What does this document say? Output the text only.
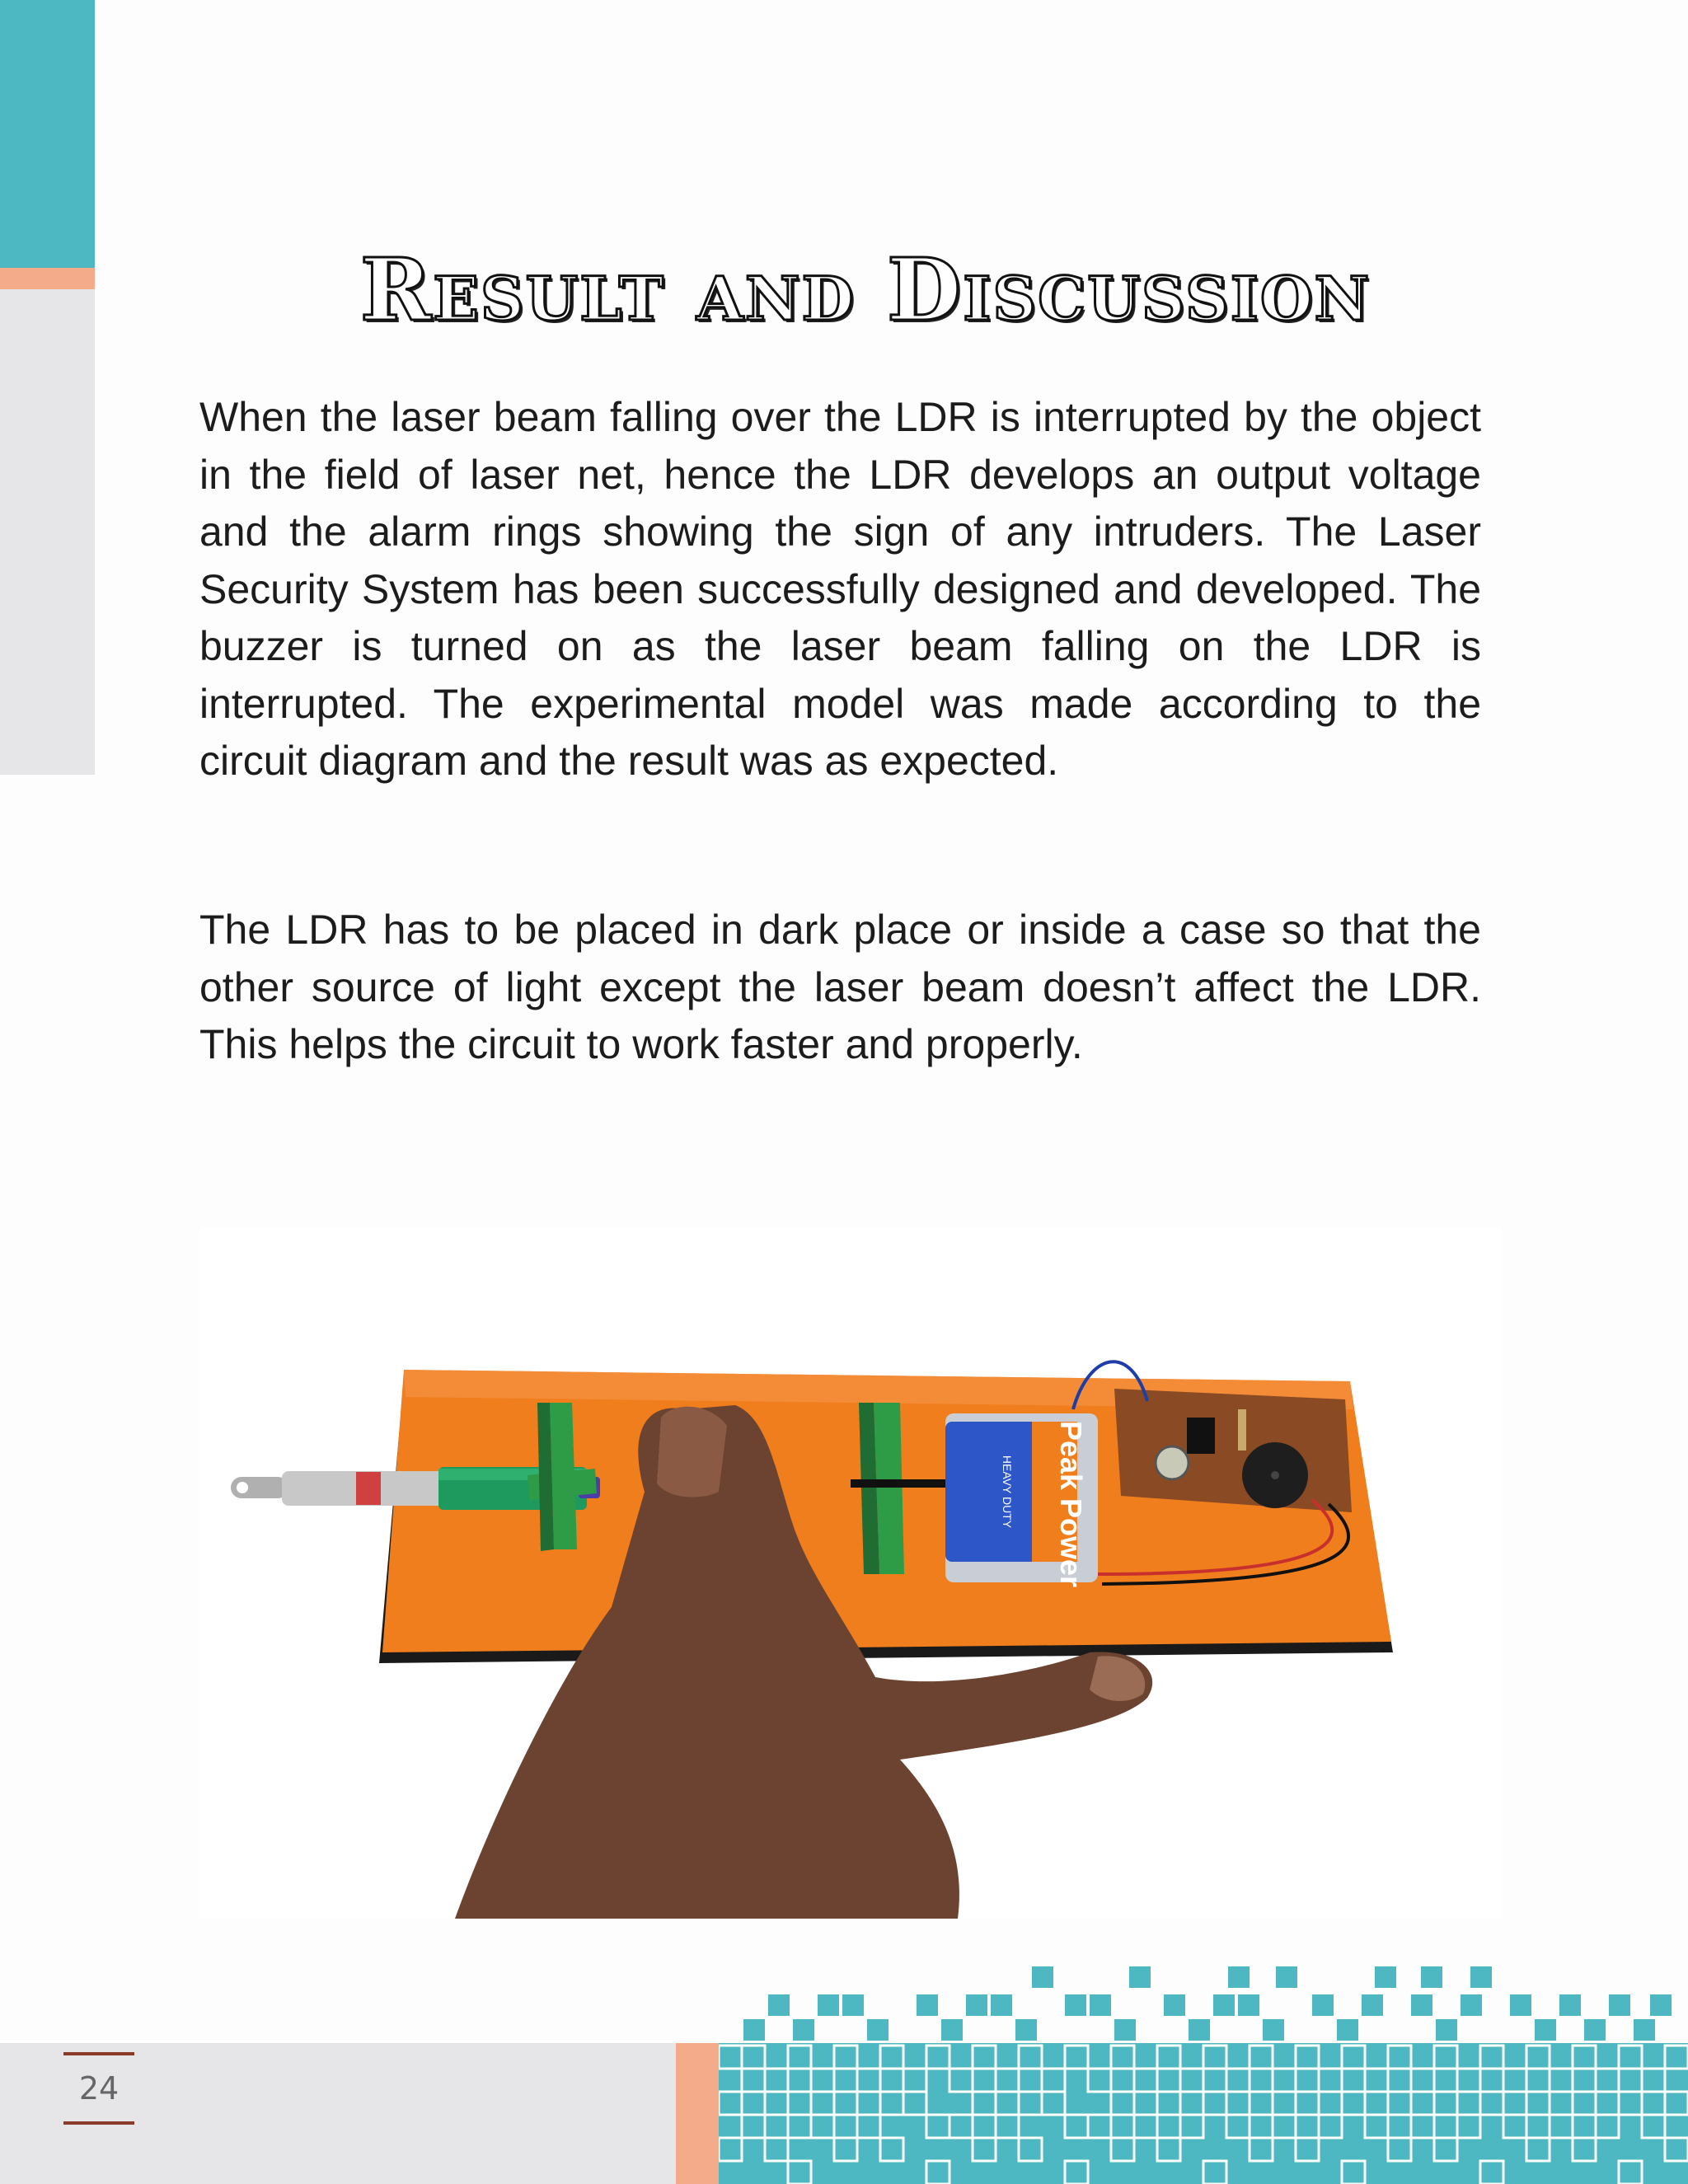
Result and Discussion

When the laser beam falling over the LDR is interrupted by the object in the field of laser net, hence the LDR develops an output voltage and the alarm rings showing the sign of any intruders. The Laser Security System has been successfully designed and developed. The buzzer is turned on as the laser beam falling on the LDR is interrupted. The experimental model was made according to the circuit diagram and the result was as expected.

The LDR has to be placed in dark place or inside a case so that the other source of light except the laser beam doesn’t affect the LDR. This helps the circuit to work faster and properly.

Peak Power
HEAVY DUTY
24
